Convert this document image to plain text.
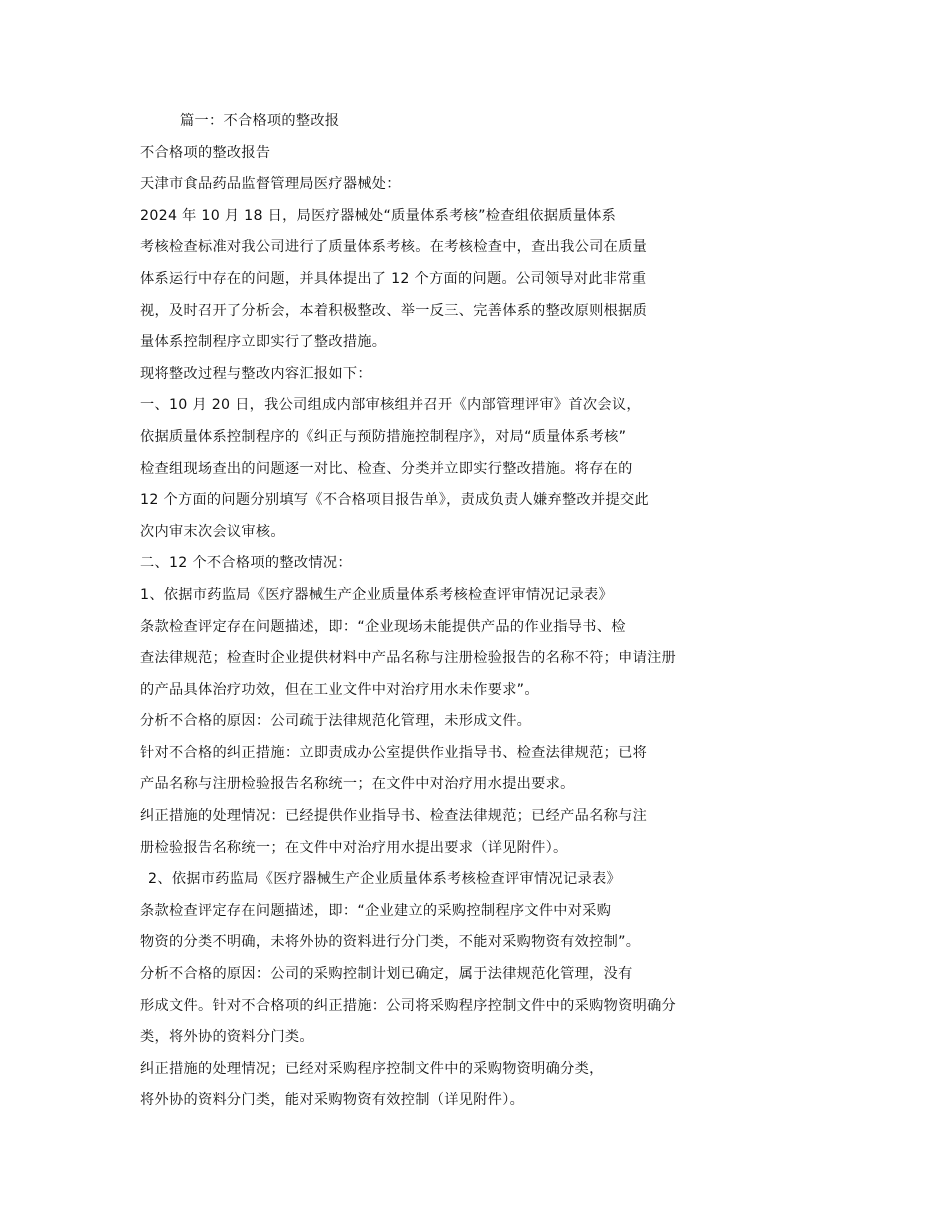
篇一：不合格项的整改报
不合格项的整改报告
天津市食品药品监督管理局医疗器械处：
2024 年 10 月 18 日，局医疗器械处“质量体系考核”检查组依据质量体系
考核检查标准对我公司进行了质量体系考核。在考核检查中，查出我公司在质量
体系运行中存在的问题，并具体提出了 12 个方面的问题。公司领导对此非常重
视，及时召开了分析会，本着积极整改、举一反三、完善体系的整改原则根据质
量体系控制程序立即实行了整改措施。
现将整改过程与整改内容汇报如下：
一、10 月 20 日，我公司组成内部审核组并召开《内部管理评审》首次会议，
依据质量体系控制程序的《纠正与预防措施控制程序》，对局“质量体系考核”
检查组现场查出的问题逐一对比、检查、分类并立即实行整改措施。将存在的
12 个方面的问题分别填写《不合格项目报告单》，责成负责人嫌弃整改并提交此
次内审末次会议审核。
二、12 个不合格项的整改情况：
1、依据市药监局《医疗器械生产企业质量体系考核检查评审情况记录表》
条款检查评定存在问题描述，即：“企业现场未能提供产品的作业指导书、检
查法律规范；检查时企业提供材料中产品名称与注册检验报告的名称不符；申请注册
的产品具体治疗功效，但在工业文件中对治疗用水未作要求”。
分析不合格的原因：公司疏于法律规范化管理，未形成文件。
针对不合格的纠正措施：立即责成办公室提供作业指导书、检查法律规范；已将
产品名称与注册检验报告名称统一；在文件中对治疗用水提出要求。
纠正措施的处理情况：已经提供作业指导书、检查法律规范；已经产品名称与注
册检验报告名称统一；在文件中对治疗用水提出要求（详见附件）。
2、依据市药监局《医疗器械生产企业质量体系考核检查评审情况记录表》
条款检查评定存在问题描述，即：“企业建立的采购控制程序文件中对采购
物资的分类不明确，未将外协的资料进行分门类，不能对采购物资有效控制”。
分析不合格的原因：公司的采购控制计划已确定，属于法律规范化管理，没有
形成文件。针对不合格项的纠正措施：公司将采购程序控制文件中的采购物资明确分
类，将外协的资料分门类。
纠正措施的处理情况；已经对采购程序控制文件中的采购物资明确分类，
将外协的资料分门类，能对采购物资有效控制（详见附件）。
